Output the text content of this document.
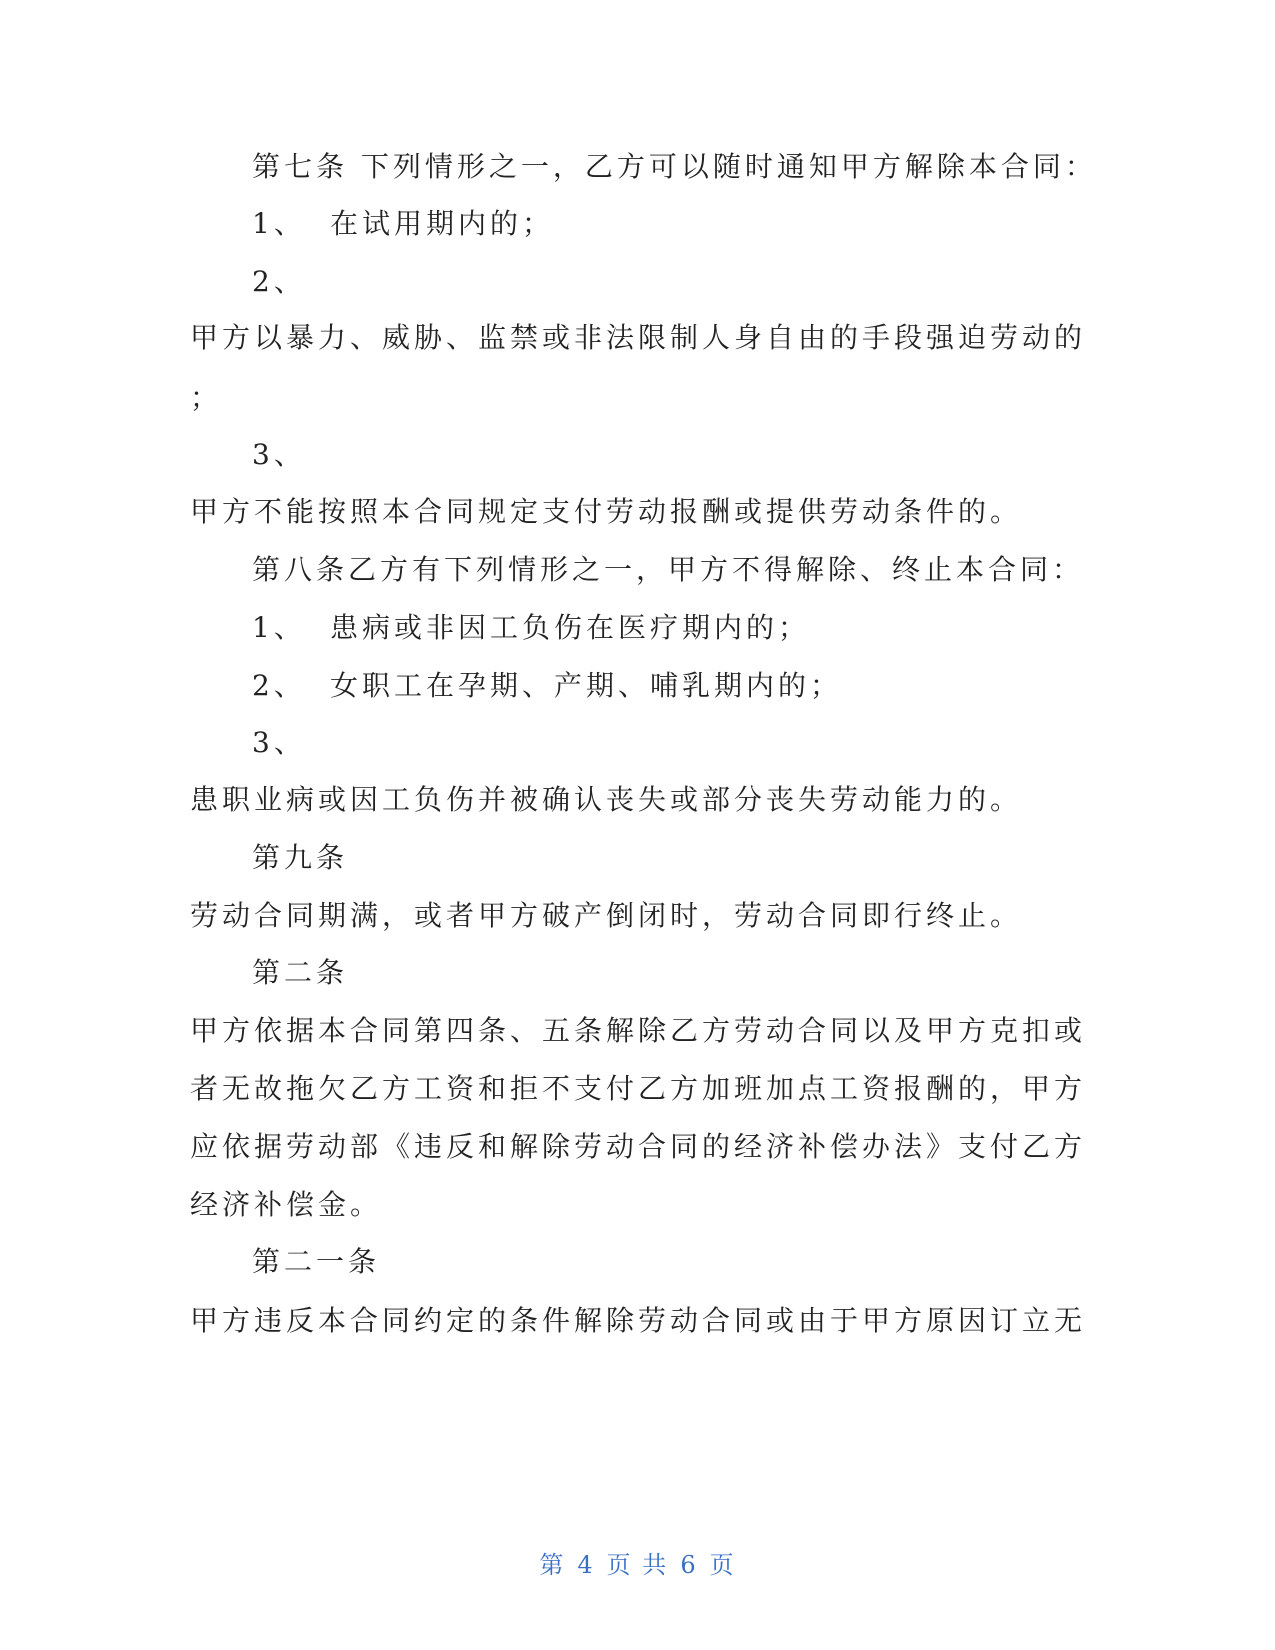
第七条 下列情形之一，乙方可以随时通知甲方解除本合同：
1、 在试用期内的；
2、
甲方以暴力、威胁、监禁或非法限制人身自由的手段强迫劳动的
；
3、
甲方不能按照本合同规定支付劳动报酬或提供劳动条件的。
第八条乙方有下列情形之一，甲方不得解除、终止本合同：
1、 患病或非因工负伤在医疗期内的；
2、 女职工在孕期、产期、哺乳期内的；
3、
患职业病或因工负伤并被确认丧失或部分丧失劳动能力的。
第九条
劳动合同期满，或者甲方破产倒闭时，劳动合同即行终止。
第二条
甲方依据本合同第四条、五条解除乙方劳动合同以及甲方克扣或
者无故拖欠乙方工资和拒不支付乙方加班加点工资报酬的，甲方
应依据劳动部《违反和解除劳动合同的经济补偿办法》支付乙方
经济补偿金。
第二一条
甲方违反本合同约定的条件解除劳动合同或由于甲方原因订立无
第 4 页 共 6 页
